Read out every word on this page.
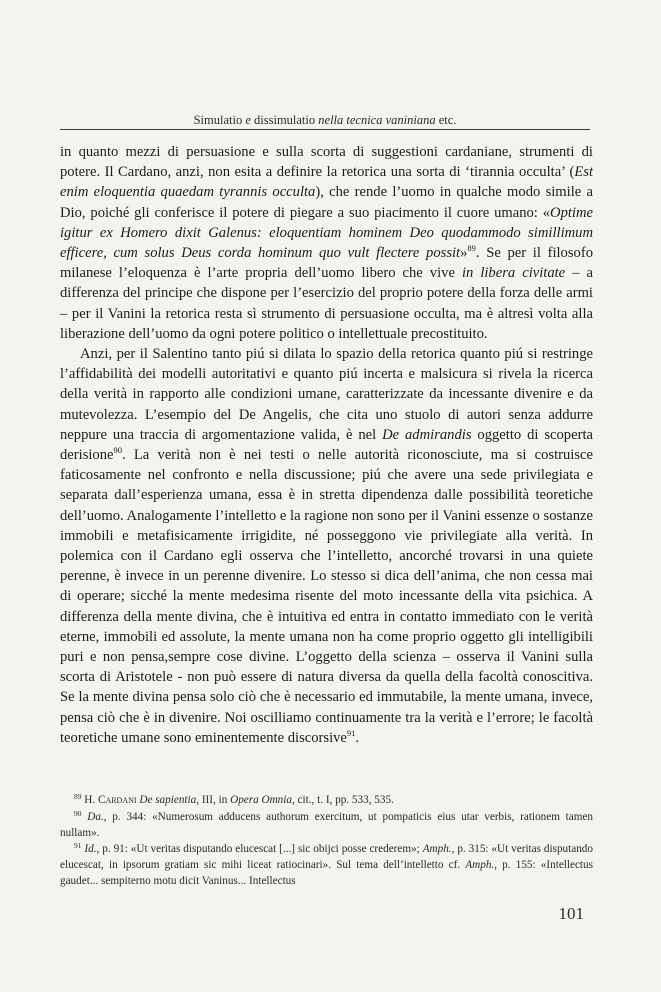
Simulatio e dissimulatio nella tecnica vaniniana etc.

in quanto mezzi di persuasione e sulla scorta di suggestioni cardaniane, strumenti di potere. Il Cardano, anzi, non esita a definire la retorica una sorta di ‘tirannia occulta’ (Est enim eloquentia quaedam tyrannis occulta), che rende l’uomo in qualche modo simile a Dio, poiché gli conferisce il potere di piegare a suo piacimento il cuore umano: «Optime igitur ex Homero dixit Galenus: eloquentiam hominem Deo quodammodo simillimum efficere, cum solus Deus corda hominum quo vult flectere possit»$^{89}$. Se per il filosofo milanese l’eloquenza è l’arte propria dell’uomo libero che vive in libera civitate – a differenza del principe che dispone per l’esercizio del proprio potere della forza delle armi – per il Vanini la retorica resta sì strumento di persuasione occulta, ma è altresì volta alla liberazione dell’uomo da ogni potere politico o intellettuale precostituito.

Anzi, per il Salentino tanto piú si dilata lo spazio della retorica quanto piú si restringe l’affidabilità dei modelli autoritativi e quanto piú incerta e malsicura si rivela la ricerca della verità in rapporto alle condizioni umane, caratterizzate da incessante divenire e da mutevolezza. L’esempio del De Angelis, che cita uno stuolo di autori senza addurre neppure una traccia di argomentazione valida, è nel De admirandis oggetto di scoperta derisione$^{90}$. La verità non è nei testi o nelle autorità riconosciute, ma si costruisce faticosamente nel confronto e nella discussione; piú che avere una sede privilegiata e separata dall’esperienza umana, essa è in stretta dipendenza dalle possibilità teoretiche dell’uomo. Analogamente l’intelletto e la ragione non sono per il Vanini essenze o sostanze immobili e metafisicamente irrigidite, né posseggono vie privilegiate alla verità. In polemica con il Cardano egli osserva che l’intelletto, ancorché trovarsi in una quiete perenne, è invece in un perenne divenire. Lo stesso si dica dell’anima, che non cessa mai di operare; sicché la mente medesima risente del moto incessante della vita psichica. A differenza della mente divina, che è intuitiva ed entra in contatto immediato con le verità eterne, immobili ed assolute, la mente umana non ha come proprio oggetto gli intelligibili puri e non pensa,sempre cose divine. L’oggetto della scienza – osserva il Vanini sulla scorta di Aristotele - non può essere di natura diversa da quella della facoltà conoscitiva. Se la mente divina pensa solo ciò che è necessario ed immutabile, la mente umana, invece, pensa ciò che è in divenire. Noi oscilliamo continuamente tra la verità e l’errore; le facoltà teoretiche umane sono eminentemente discorsive$^{91}$.

$^{89}$ H. Cardani De sapientia, III, in Opera Omnia, cit., t. I, pp. 533, 535.

$^{90}$ Da., p. 344: «Numerosum adducens authorum exercitum, ut pompaticis eius utar verbis, rationem tamen nullam».

$^{91}$ Id., p. 91: «Ut veritas disputando elucescat [...] sic obijci posse crederem»; Amph., p. 315: «Ut veritas disputando elucescat, in ipsorum gratiam sic mihi liceat ratiocinari». Sul tema dell’intelletto cf. Amph., p. 155: «Intellectus gaudet... sempiterno motu dicit Vaninus... Intellectus

101
